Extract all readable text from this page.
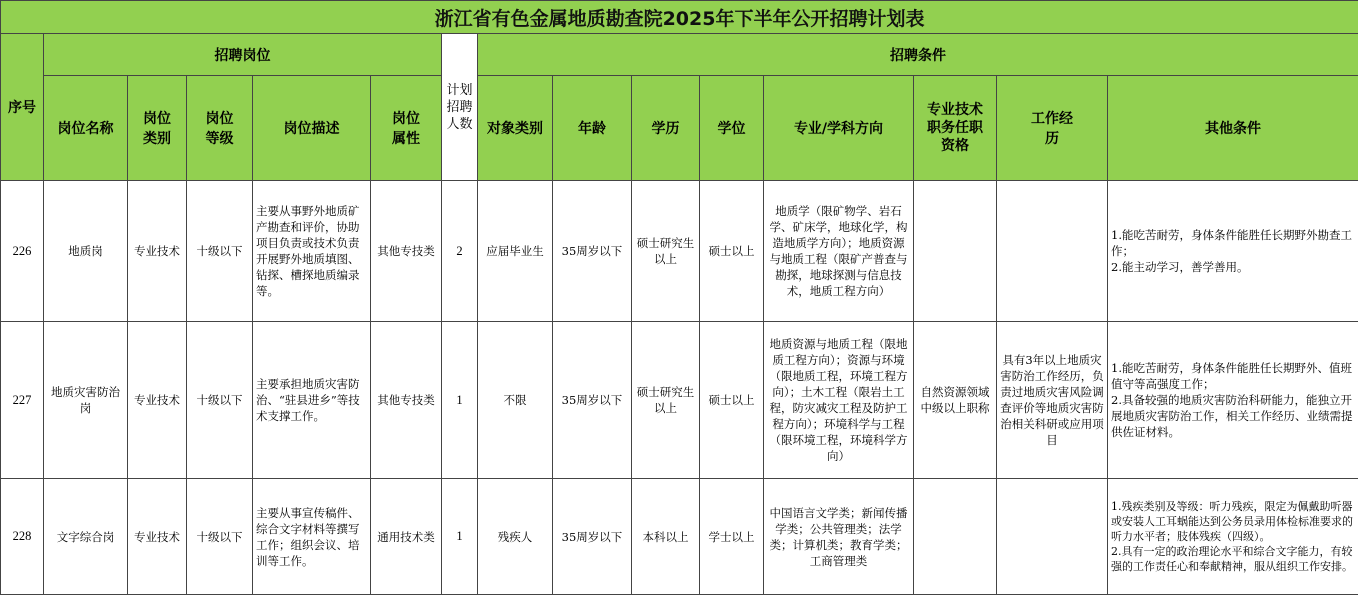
浙江省有色金属地质勘查院2025年下半年公开招聘计划表														
序号	招聘岗位					计划招聘人数	招聘条件							
	岗位名称	岗位类别	岗位等级	岗位描述	岗位属性		对象类别	年龄	学历	学位	专业/学科方向	专业技术职务任职资格	工作经历	其他条件
226	地质岗	专业技术	十级以下	主要从事野外地质矿产勘查和评价，协助项目负责或技术负责开展野外地质填图、钻探、槽探地质编录等。	其他专技类	2	应届毕业生	35周岁以下	硕士研究生以上	硕士以上	地质学（限矿物学、岩石学、矿床学，地球化学，构造地质学方向）；地质资源与地质工程（限矿产普查与勘探，地球探测与信息技术，地质工程方向）			1.能吃苦耐劳，身体条件能胜任长期野外勘查工作；
2.能主动学习，善学善用。
227	地质灾害防治岗	专业技术	十级以下	主要承担地质灾害防治、“驻县进乡”等技术支撑工作。	其他专技类	1	不限	35周岁以下	硕士研究生以上	硕士以上	地质资源与地质工程（限地质工程方向）；资源与环境（限地质工程，环境工程方向）；土木工程（限岩土工程，防灾减灾工程及防护工程方向）；环境科学与工程（限环境工程，环境科学方向）	自然资源领域中级以上职称	具有3年以上地质灾害防治工作经历，负责过地质灾害风险调查评价等地质灾害防治相关科研或应用项目	1.能吃苦耐劳，身体条件能胜任长期野外、值班值守等高强度工作；
2.具备较强的地质灾害防治科研能力，能独立开展地质灾害防治工作，相关工作经历、业绩需提供佐证材料。
228	文字综合岗	专业技术	十级以下	主要从事宣传稿件、综合文字材料等撰写工作；组织会议、培训等工作。	通用技术类	1	残疾人	35周岁以下	本科以上	学士以上	中国语言文学类；新闻传播学类；公共管理类；法学类；计算机类；教育学类；工商管理类			1.残疾类别及等级：听力残疾，限定为佩戴助听器或安装人工耳蜗能达到公务员录用体检标准要求的听力水平者；肢体残疾（四级）。
2.具有一定的政治理论水平和综合文字能力，有较强的工作责任心和奉献精神，服从组织工作安排。
